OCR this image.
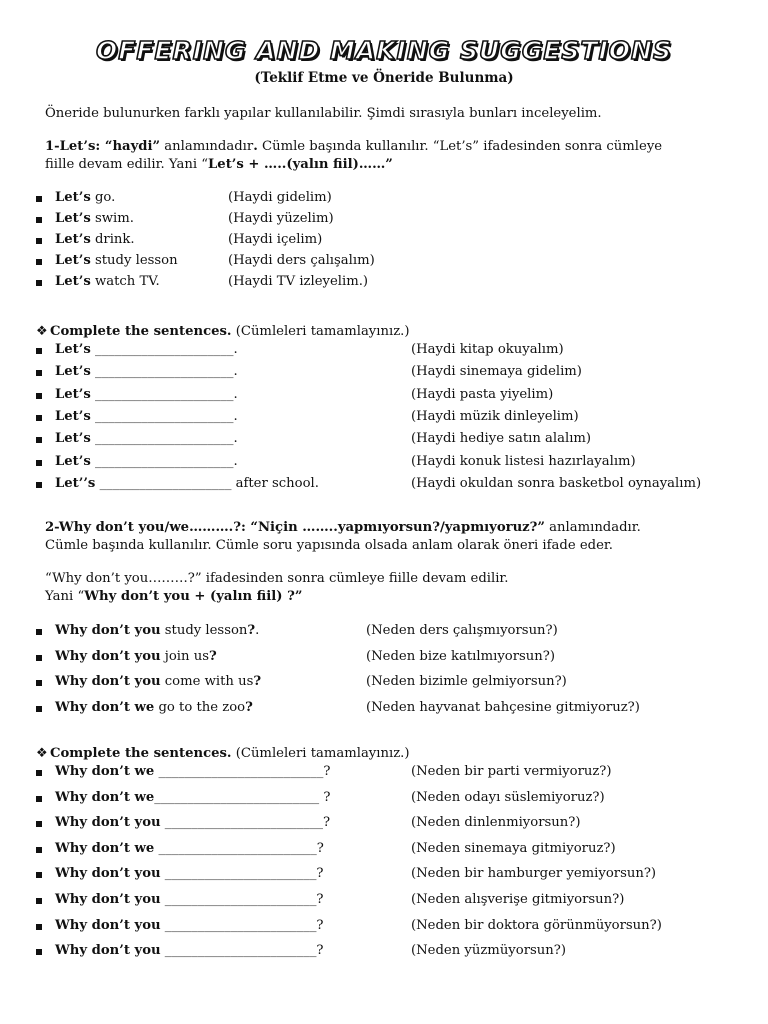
OFFERING AND MAKING SUGGESTIONS
(Teklif Etme ve Öneride Bulunma)
Öneride bulunurken farklı yapılar kullanılabilir. Şimdi sırasıyla bunları inceleyelim.
1-Let’s: “haydi” anlamındadır. Cümle başında kullanılır. “Let’s” ifadesinden sonra cümleye
fiille devam edilir. Yani “Let’s + …..(yalın fiil)……”
Let’s go.	(Haydi gidelim)
Let’s swim.	(Haydi yüzelim)
Let’s drink.	(Haydi içelim)
Let’s study lesson	(Haydi ders çalışalım)
Let’s watch TV.	(Haydi TV izleyelim.)
❖ Complete the sentences. (Cümleleri tamamlayınız.)
Let’s _____________________.	(Haydi kitap okuyalım)
Let’s _____________________.	(Haydi sinemaya gidelim)
Let’s _____________________.	(Haydi pasta yiyelim)
Let’s _____________________.	(Haydi müzik dinleyelim)
Let’s _____________________.	(Haydi hediye satın alalım)
Let’s _____________________.	(Haydi konuk listesi hazırlayalım)
Let’’s ____________________ after school.	(Haydi okuldan sonra basketbol oynayalım)
2-Why don’t you/we……….?: “Niçin ……..yapmıyorsun?/yapmıyoruz?” anlamındadır.
Cümle başında kullanılır. Cümle soru yapısında olsada anlam olarak öneri ifade eder.
“Why don’t you………?” ifadesinden sonra cümleye fiille devam edilir.
Yani “Why don’t you + (yalın fiil) ?”
Why don’t you study lesson?.	(Neden ders çalışmıyorsun?)
Why don’t you join us?	(Neden bize katılmıyorsun?)
Why don’t you come with us?	(Neden bizimle gelmiyorsun?)
Why don’t we go to the zoo?	(Neden hayvanat bahçesine gitmiyoruz?)
❖ Complete the sentences. (Cümleleri tamamlayınız.)
Why don’t we _________________________?	(Neden bir parti vermiyoruz?)
Why don’t we_________________________ ?	(Neden odayı süslemiyoruz?)
Why don’t you ________________________?	(Neden dinlenmiyorsun?)
Why don’t we ________________________?	(Neden sinemaya gitmiyoruz?)
Why don’t you _______________________?	(Neden bir hamburger yemiyorsun?)
Why don’t you _______________________?	(Neden alışverişe gitmiyorsun?)
Why don’t you _______________________?	(Neden bir doktora görünmüyorsun?)
Why don’t you _______________________?	(Neden yüzmüyorsun?)
